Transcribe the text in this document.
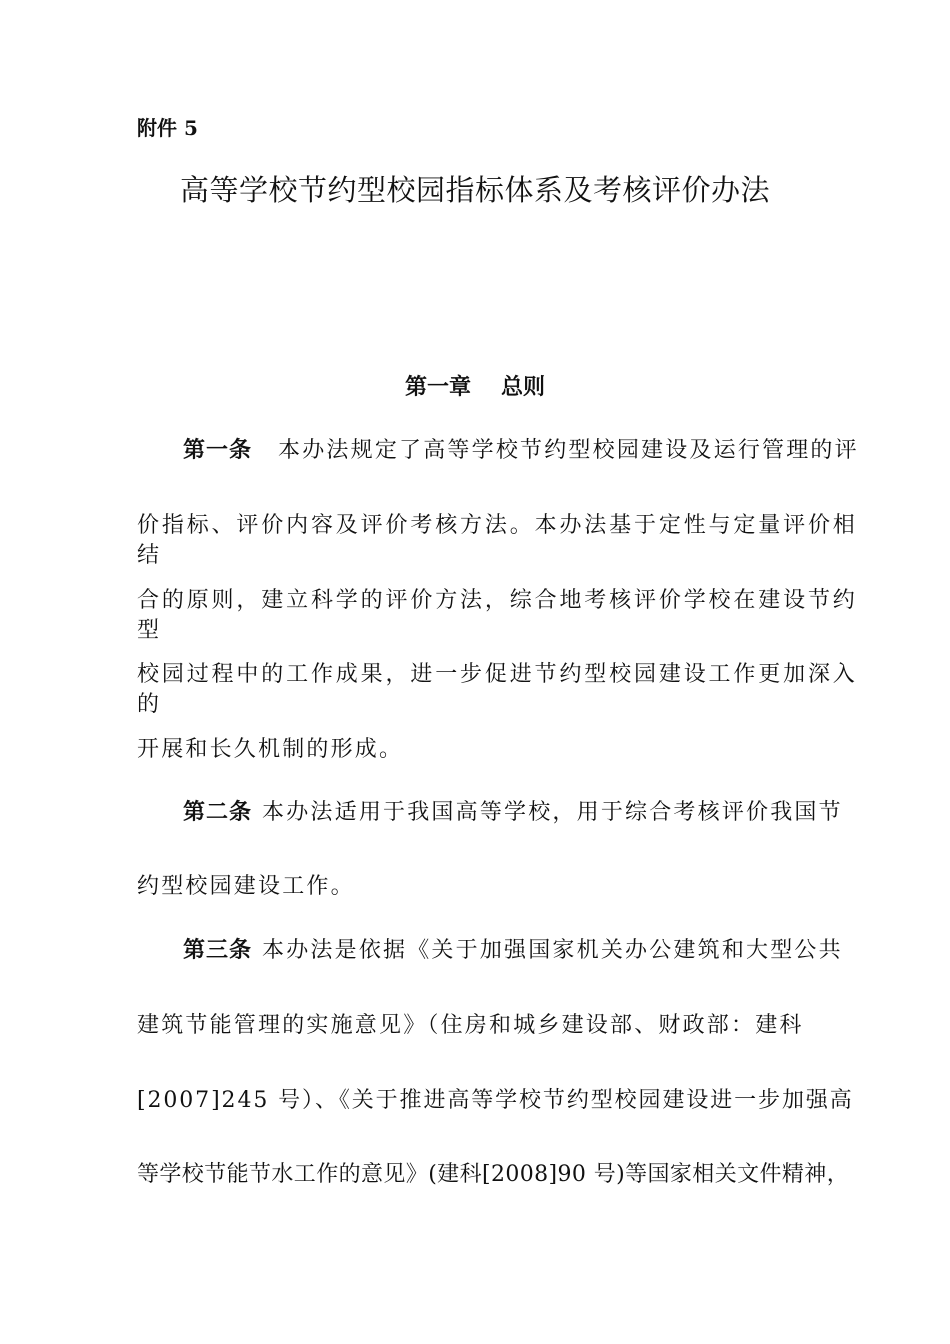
附件 5
高等学校节约型校园指标体系及考核评价办法
第一章 总则
第一条 本办法规定了高等学校节约型校园建设及运行管理的评
价指标、评价内容及评价考核方法。本办法基于定性与定量评价相结
合的原则，建立科学的评价方法，综合地考核评价学校在建设节约型
校园过程中的工作成果，进一步促进节约型校园建设工作更加深入的
开展和长久机制的形成。
第二条 本办法适用于我国高等学校，用于综合考核评价我国节
约型校园建设工作。
第三条 本办法是依据《关于加强国家机关办公建筑和大型公共
建筑节能管理的实施意见》（住房和城乡建设部、财政部：建科
[2007]245 号）、《关于推进高等学校节约型校园建设进一步加强高
等学校节能节水工作的意见》(建科[2008]90 号)等国家相关文件精神，
